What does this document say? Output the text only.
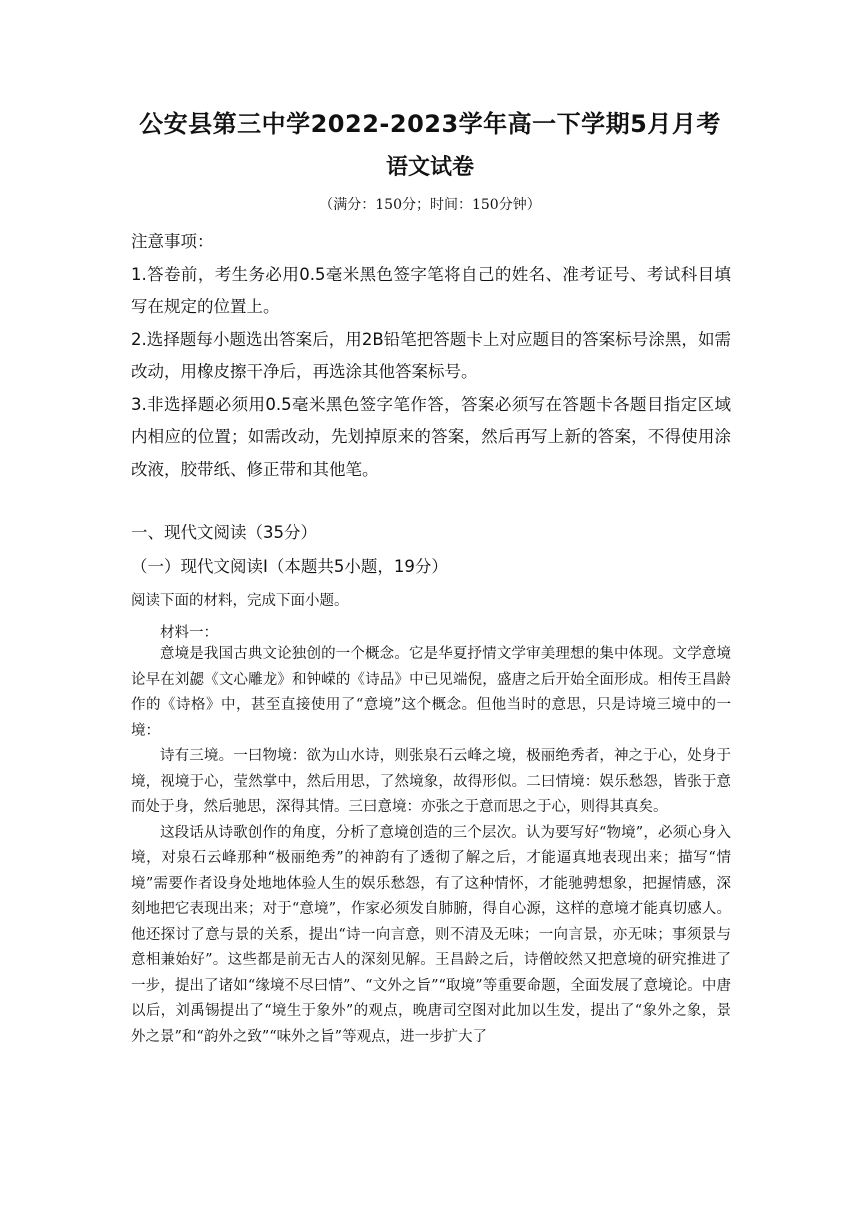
公安县第三中学2022-2023学年高一下学期5月月考
语文试卷
（满分：150分；时间：150分钟）

注意事项：

1.答卷前，考生务必用0.5毫米黑色签字笔将自己的姓名、准考证号、考试科目填写在规定的位置上。

2.选择题每小题选出答案后，用2B铅笔把答题卡上对应题目的答案标号涂黑，如需改动，用橡皮擦干净后，再选涂其他答案标号。

3.非选择题必须用0.5毫米黑色签字笔作答，答案必须写在答题卡各题目指定区域内相应的位置；如需改动，先划掉原来的答案，然后再写上新的答案，不得使用涂改液，胶带纸、修正带和其他笔。

一、现代文阅读（35分）
（一）现代文阅读Ⅰ（本题共5小题，19分）
阅读下面的材料，完成下面小题。
材料一：

意境是我国古典文论独创的一个概念。它是华夏抒情文学审美理想的集中体现。文学意境论早在刘勰《文心雕龙》和钟嵘的《诗品》中已见端倪，盛唐之后开始全面形成。相传王昌龄作的《诗格》中，甚至直接使用了“意境”这个概念。但他当时的意思，只是诗境三境中的一境：

诗有三境。一曰物境：欲为山水诗，则张泉石云峰之境，极丽绝秀者，神之于心，处身于境，视境于心，莹然掌中，然后用思，了然境象，故得形似。二曰情境：娱乐愁怨，皆张于意而处于身，然后驰思，深得其情。三曰意境：亦张之于意而思之于心，则得其真矣。

这段话从诗歌创作的角度，分析了意境创造的三个层次。认为要写好“物境”，必须心身入境，对泉石云峰那种“极丽绝秀”的神韵有了透彻了解之后，才能逼真地表现出来；描写“情境”需要作者设身处地地体验人生的娱乐愁怨，有了这种情怀，才能驰骋想象，把握情感，深刻地把它表现出来；对于“意境”，作家必须发自肺腑，得自心源，这样的意境才能真切感人。他还探讨了意与景的关系，提出“诗一向言意，则不清及无味；一向言景，亦无味；事须景与意相兼始好”。这些都是前无古人的深刻见解。王昌龄之后，诗僧皎然又把意境的研究推进了一步，提出了诸如“缘境不尽曰情”、“文外之旨”“取境”等重要命题，全面发展了意境论。中唐以后，刘禹锡提出了“境生于象外”的观点，晚唐司空图对此加以生发，提出了“象外之象，景外之景”和“韵外之致”“味外之旨”等观点，进一步扩大了
